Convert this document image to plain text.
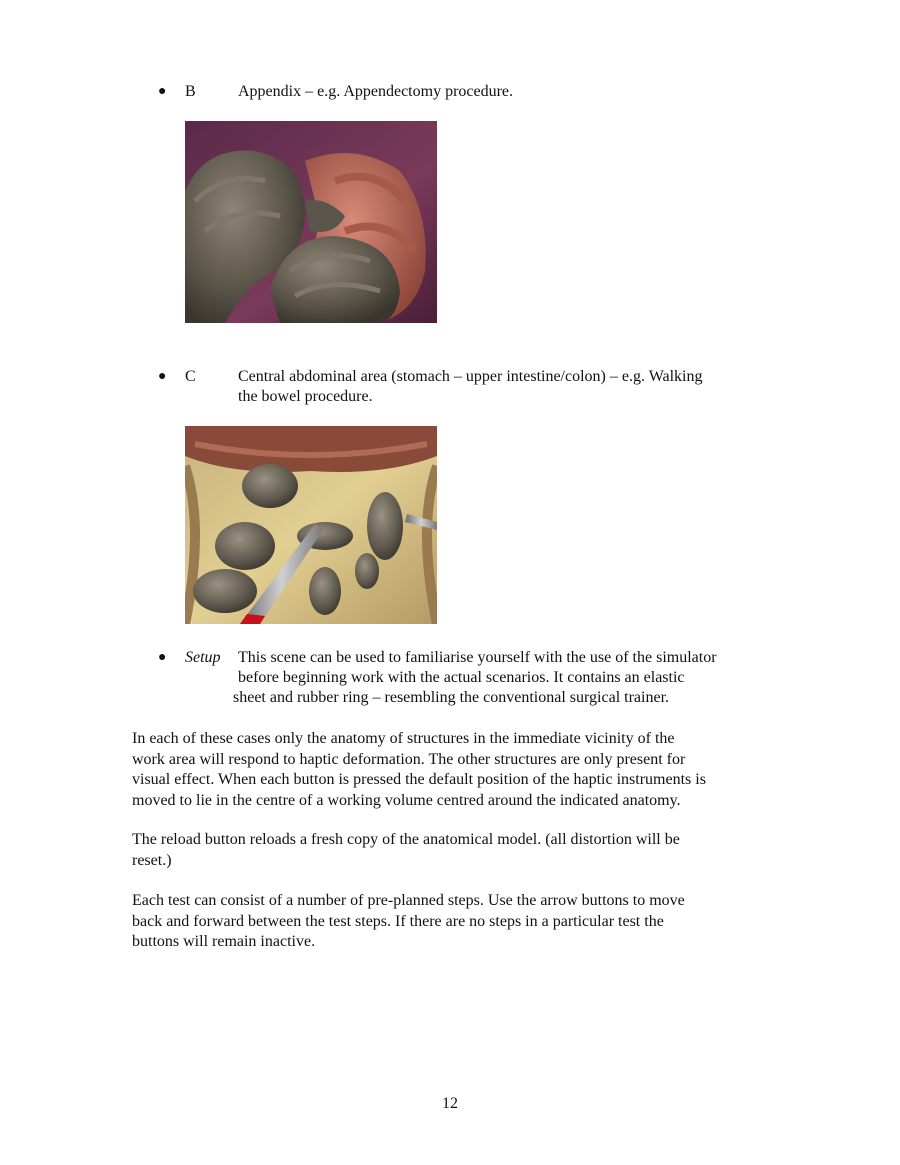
● B	Appendix – e.g. Appendectomy procedure.
● C	Central abdominal area (stomach – upper intestine/colon) – e.g. Walking
the bowel procedure.
● Setup This scene can be used to familiarise yourself with the use of the simulator
before beginning work with the actual scenarios. It contains an elastic
sheet and rubber ring – resembling the conventional surgical trainer.
In each of these cases only the anatomy of structures in the immediate vicinity of the
work area will respond to haptic deformation. The other structures are only present for
visual effect. When each button is pressed the default position of the haptic instruments is
moved to lie in the centre of a working volume centred around the indicated anatomy.
The reload button reloads a fresh copy of the anatomical model. (all distortion will be
reset.)
Each test can consist of a number of pre-planned steps. Use the arrow buttons to move
back and forward between the test steps. If there are no steps in a particular test the
buttons will remain inactive.
12
